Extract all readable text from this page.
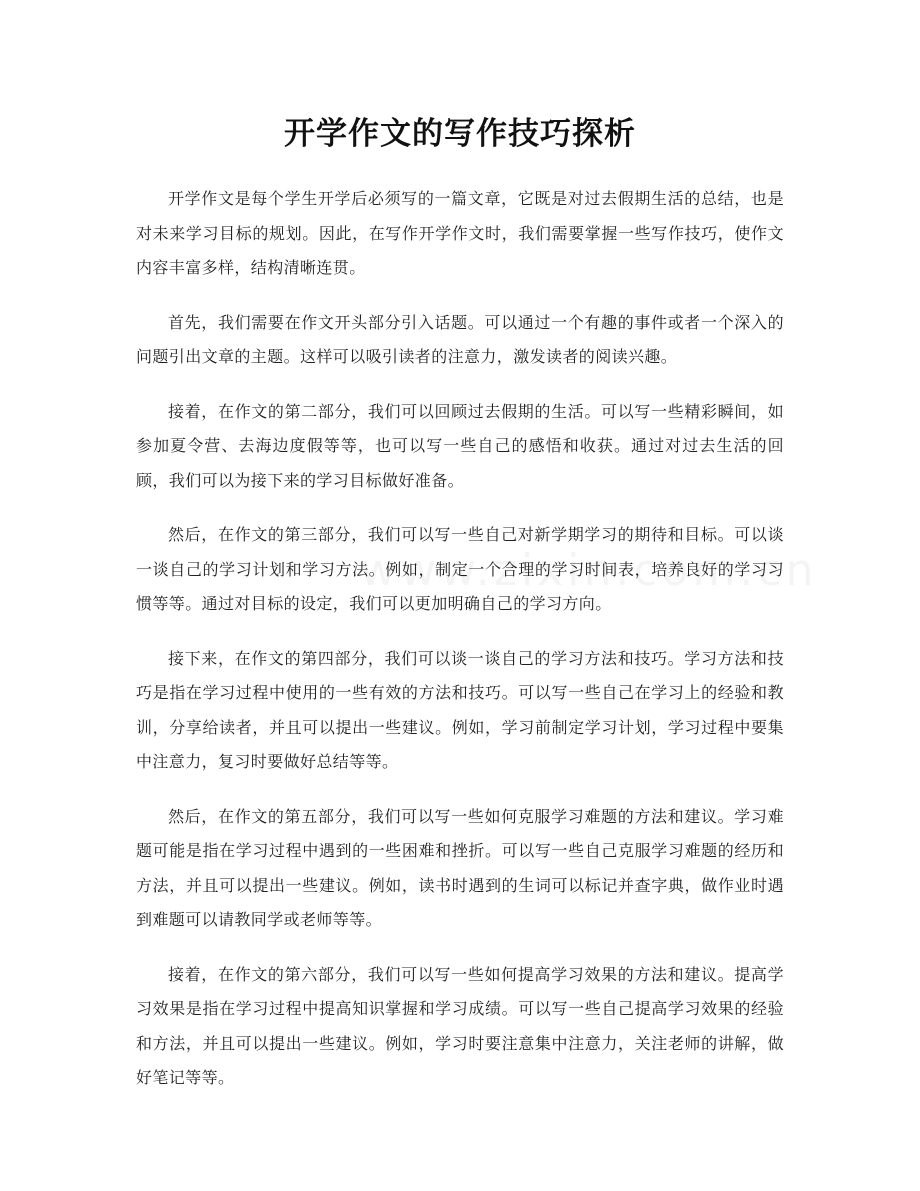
开学作文的写作技巧探析

开学作文是每个学生开学后必须写的一篇文章，它既是对过去假期生活的总结，也是对未来学习目标的规划。因此，在写作开学作文时，我们需要掌握一些写作技巧，使作文内容丰富多样，结构清晰连贯。

首先，我们需要在作文开头部分引入话题。可以通过一个有趣的事件或者一个深入的问题引出文章的主题。这样可以吸引读者的注意力，激发读者的阅读兴趣。

接着，在作文的第二部分，我们可以回顾过去假期的生活。可以写一些精彩瞬间，如参加夏令营、去海边度假等等，也可以写一些自己的感悟和收获。通过对过去生活的回顾，我们可以为接下来的学习目标做好准备。

然后，在作文的第三部分，我们可以写一些自己对新学期学习的期待和目标。可以谈一谈自己的学习计划和学习方法。例如，制定一个合理的学习时间表，培养良好的学习习惯等等。通过对目标的设定，我们可以更加明确自己的学习方向。

接下来，在作文的第四部分，我们可以谈一谈自己的学习方法和技巧。学习方法和技巧是指在学习过程中使用的一些有效的方法和技巧。可以写一些自己在学习上的经验和教训，分享给读者，并且可以提出一些建议。例如，学习前制定学习计划，学习过程中要集中注意力，复习时要做好总结等等。

然后，在作文的第五部分，我们可以写一些如何克服学习难题的方法和建议。学习难题可能是指在学习过程中遇到的一些困难和挫折。可以写一些自己克服学习难题的经历和方法，并且可以提出一些建议。例如，读书时遇到的生词可以标记并查字典，做作业时遇到难题可以请教同学或老师等等。

接着，在作文的第六部分，我们可以写一些如何提高学习效果的方法和建议。提高学习效果是指在学习过程中提高知识掌握和学习成绩。可以写一些自己提高学习效果的经验和方法，并且可以提出一些建议。例如，学习时要注意集中注意力，关注老师的讲解，做好笔记等等。
